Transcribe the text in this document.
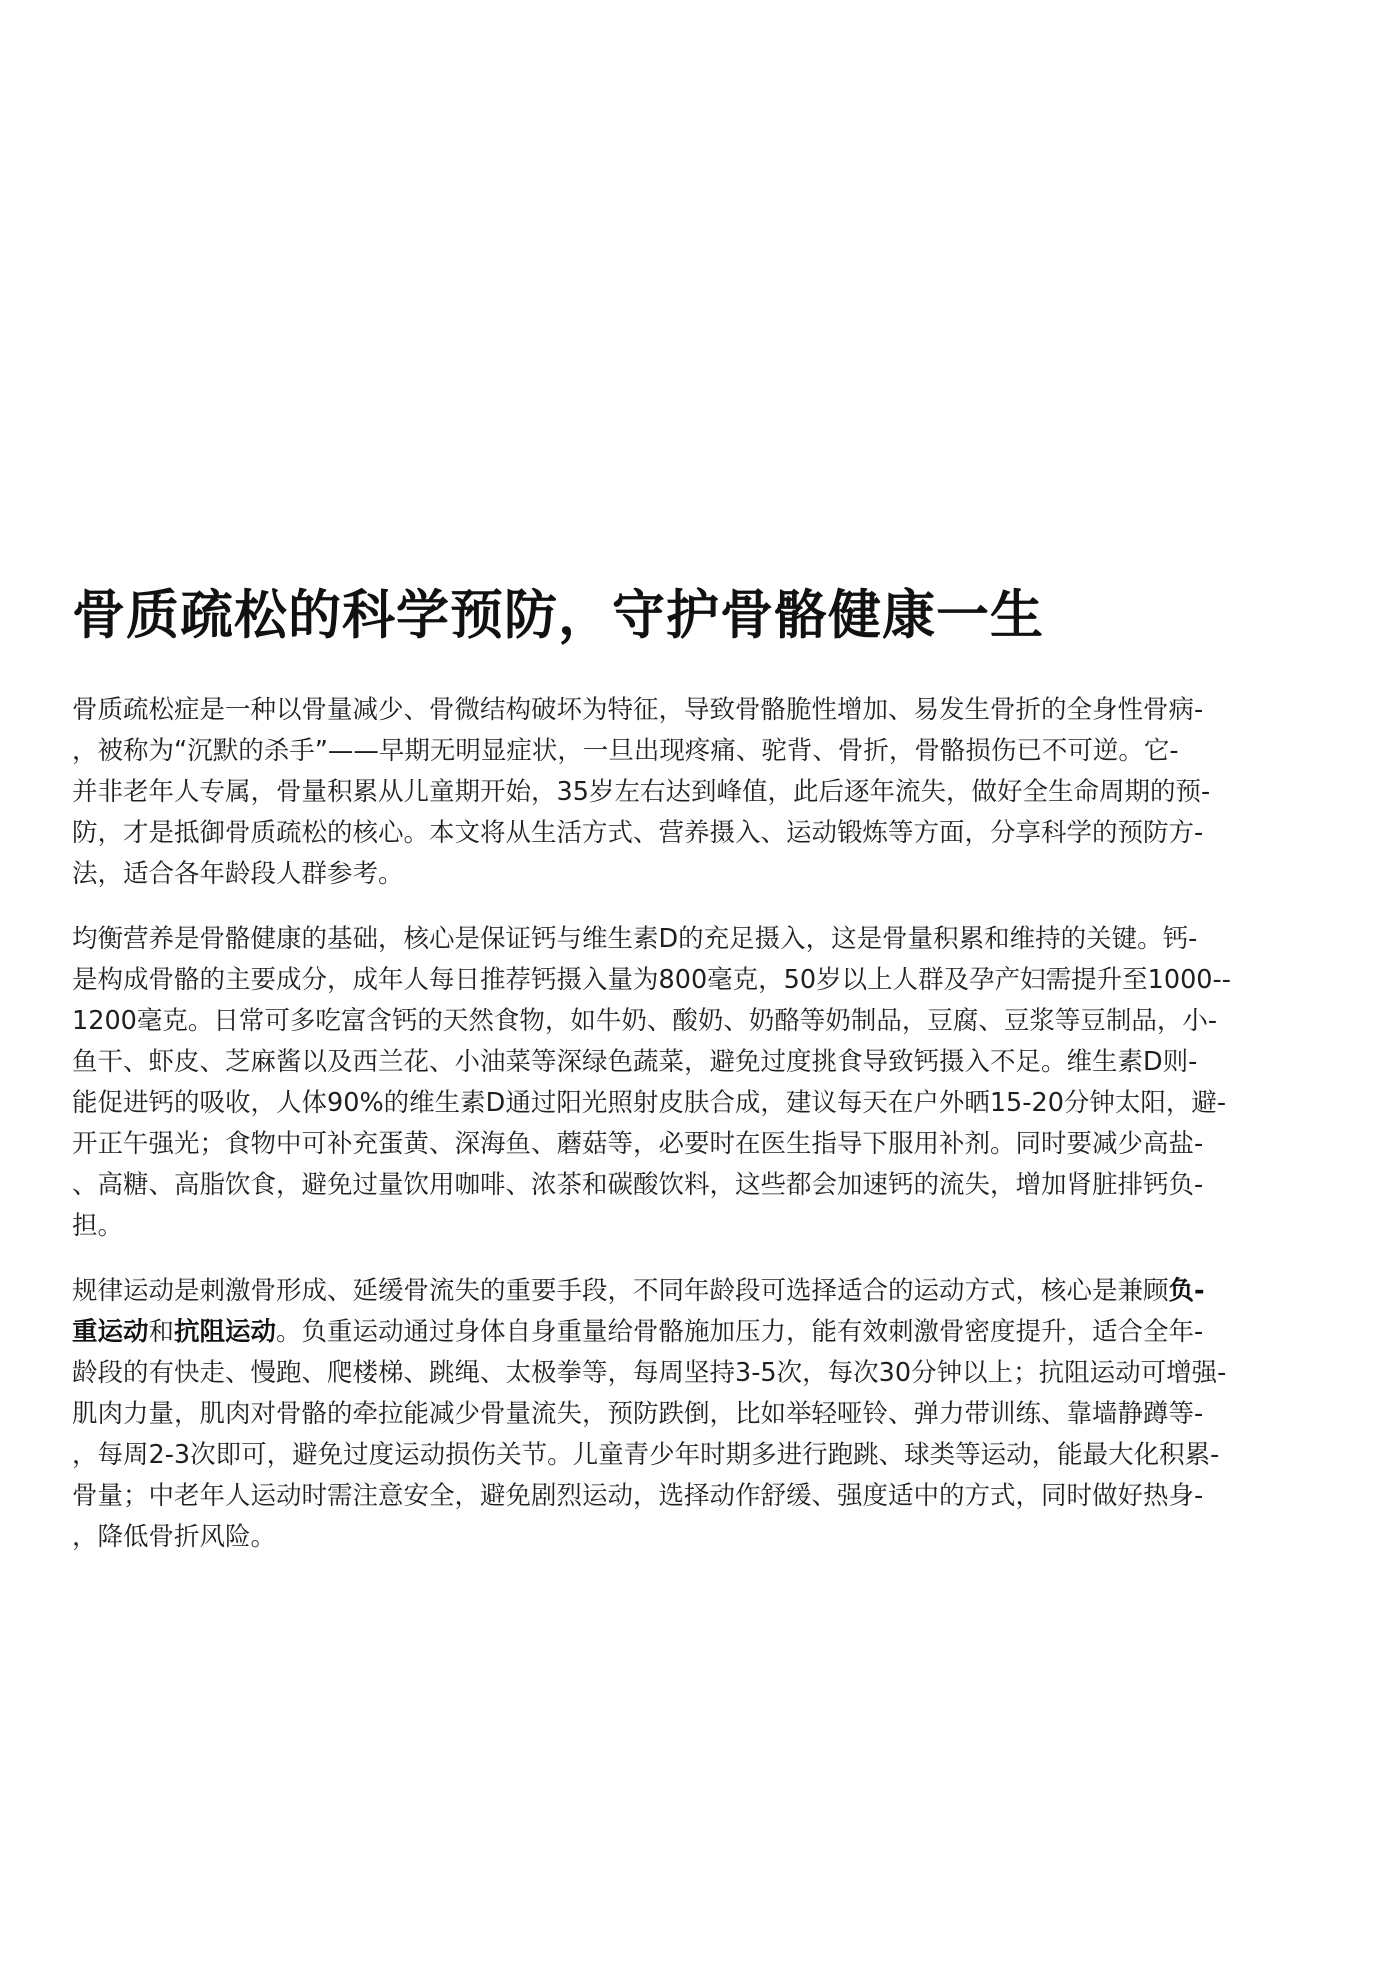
骨质疏松的科学预防，守护骨骼健康一生

骨质疏松症是一种以骨量减少、骨微结构破坏为特征，导致骨骼脆性增加、易发生骨折的全身性骨病-
，被称为“沉默的杀手”——早期无明显症状，一旦出现疼痛、驼背、骨折，骨骼损伤已不可逆。它-
并非老年人专属，骨量积累从儿童期开始，35岁左右达到峰值，此后逐年流失，做好全生命周期的预-
防，才是抵御骨质疏松的核心。本文将从生活方式、营养摄入、运动锻炼等方面，分享科学的预防方-
法，适合各年龄段人群参考。

均衡营养是骨骼健康的基础，核心是保证钙与维生素D的充足摄入，这是骨量积累和维持的关键。钙-
是构成骨骼的主要成分，成年人每日推荐钙摄入量为800毫克，50岁以上人群及孕产妇需提升至1000--
1200毫克。日常可多吃富含钙的天然食物，如牛奶、酸奶、奶酪等奶制品，豆腐、豆浆等豆制品，小-
鱼干、虾皮、芝麻酱以及西兰花、小油菜等深绿色蔬菜，避免过度挑食导致钙摄入不足。维生素D则-
能促进钙的吸收，人体90%的维生素D通过阳光照射皮肤合成，建议每天在户外晒15-20分钟太阳，避-
开正午强光；食物中可补充蛋黄、深海鱼、蘑菇等，必要时在医生指导下服用补剂。同时要减少高盐-
、高糖、高脂饮食，避免过量饮用咖啡、浓茶和碳酸饮料，这些都会加速钙的流失，增加肾脏排钙负-
担。

规律运动是刺激骨形成、延缓骨流失的重要手段，不同年龄段可选择适合的运动方式，核心是兼顾负-
重运动和抗阻运动。负重运动通过身体自身重量给骨骼施加压力，能有效刺激骨密度提升，适合全年-
龄段的有快走、慢跑、爬楼梯、跳绳、太极拳等，每周坚持3-5次，每次30分钟以上；抗阻运动可增强-
肌肉力量，肌肉对骨骼的牵拉能减少骨量流失，预防跌倒，比如举轻哑铃、弹力带训练、靠墙静蹲等-
，每周2-3次即可，避免过度运动损伤关节。儿童青少年时期多进行跑跳、球类等运动，能最大化积累-
骨量；中老年人运动时需注意安全，避免剧烈运动，选择动作舒缓、强度适中的方式，同时做好热身-
，降低骨折风险。
